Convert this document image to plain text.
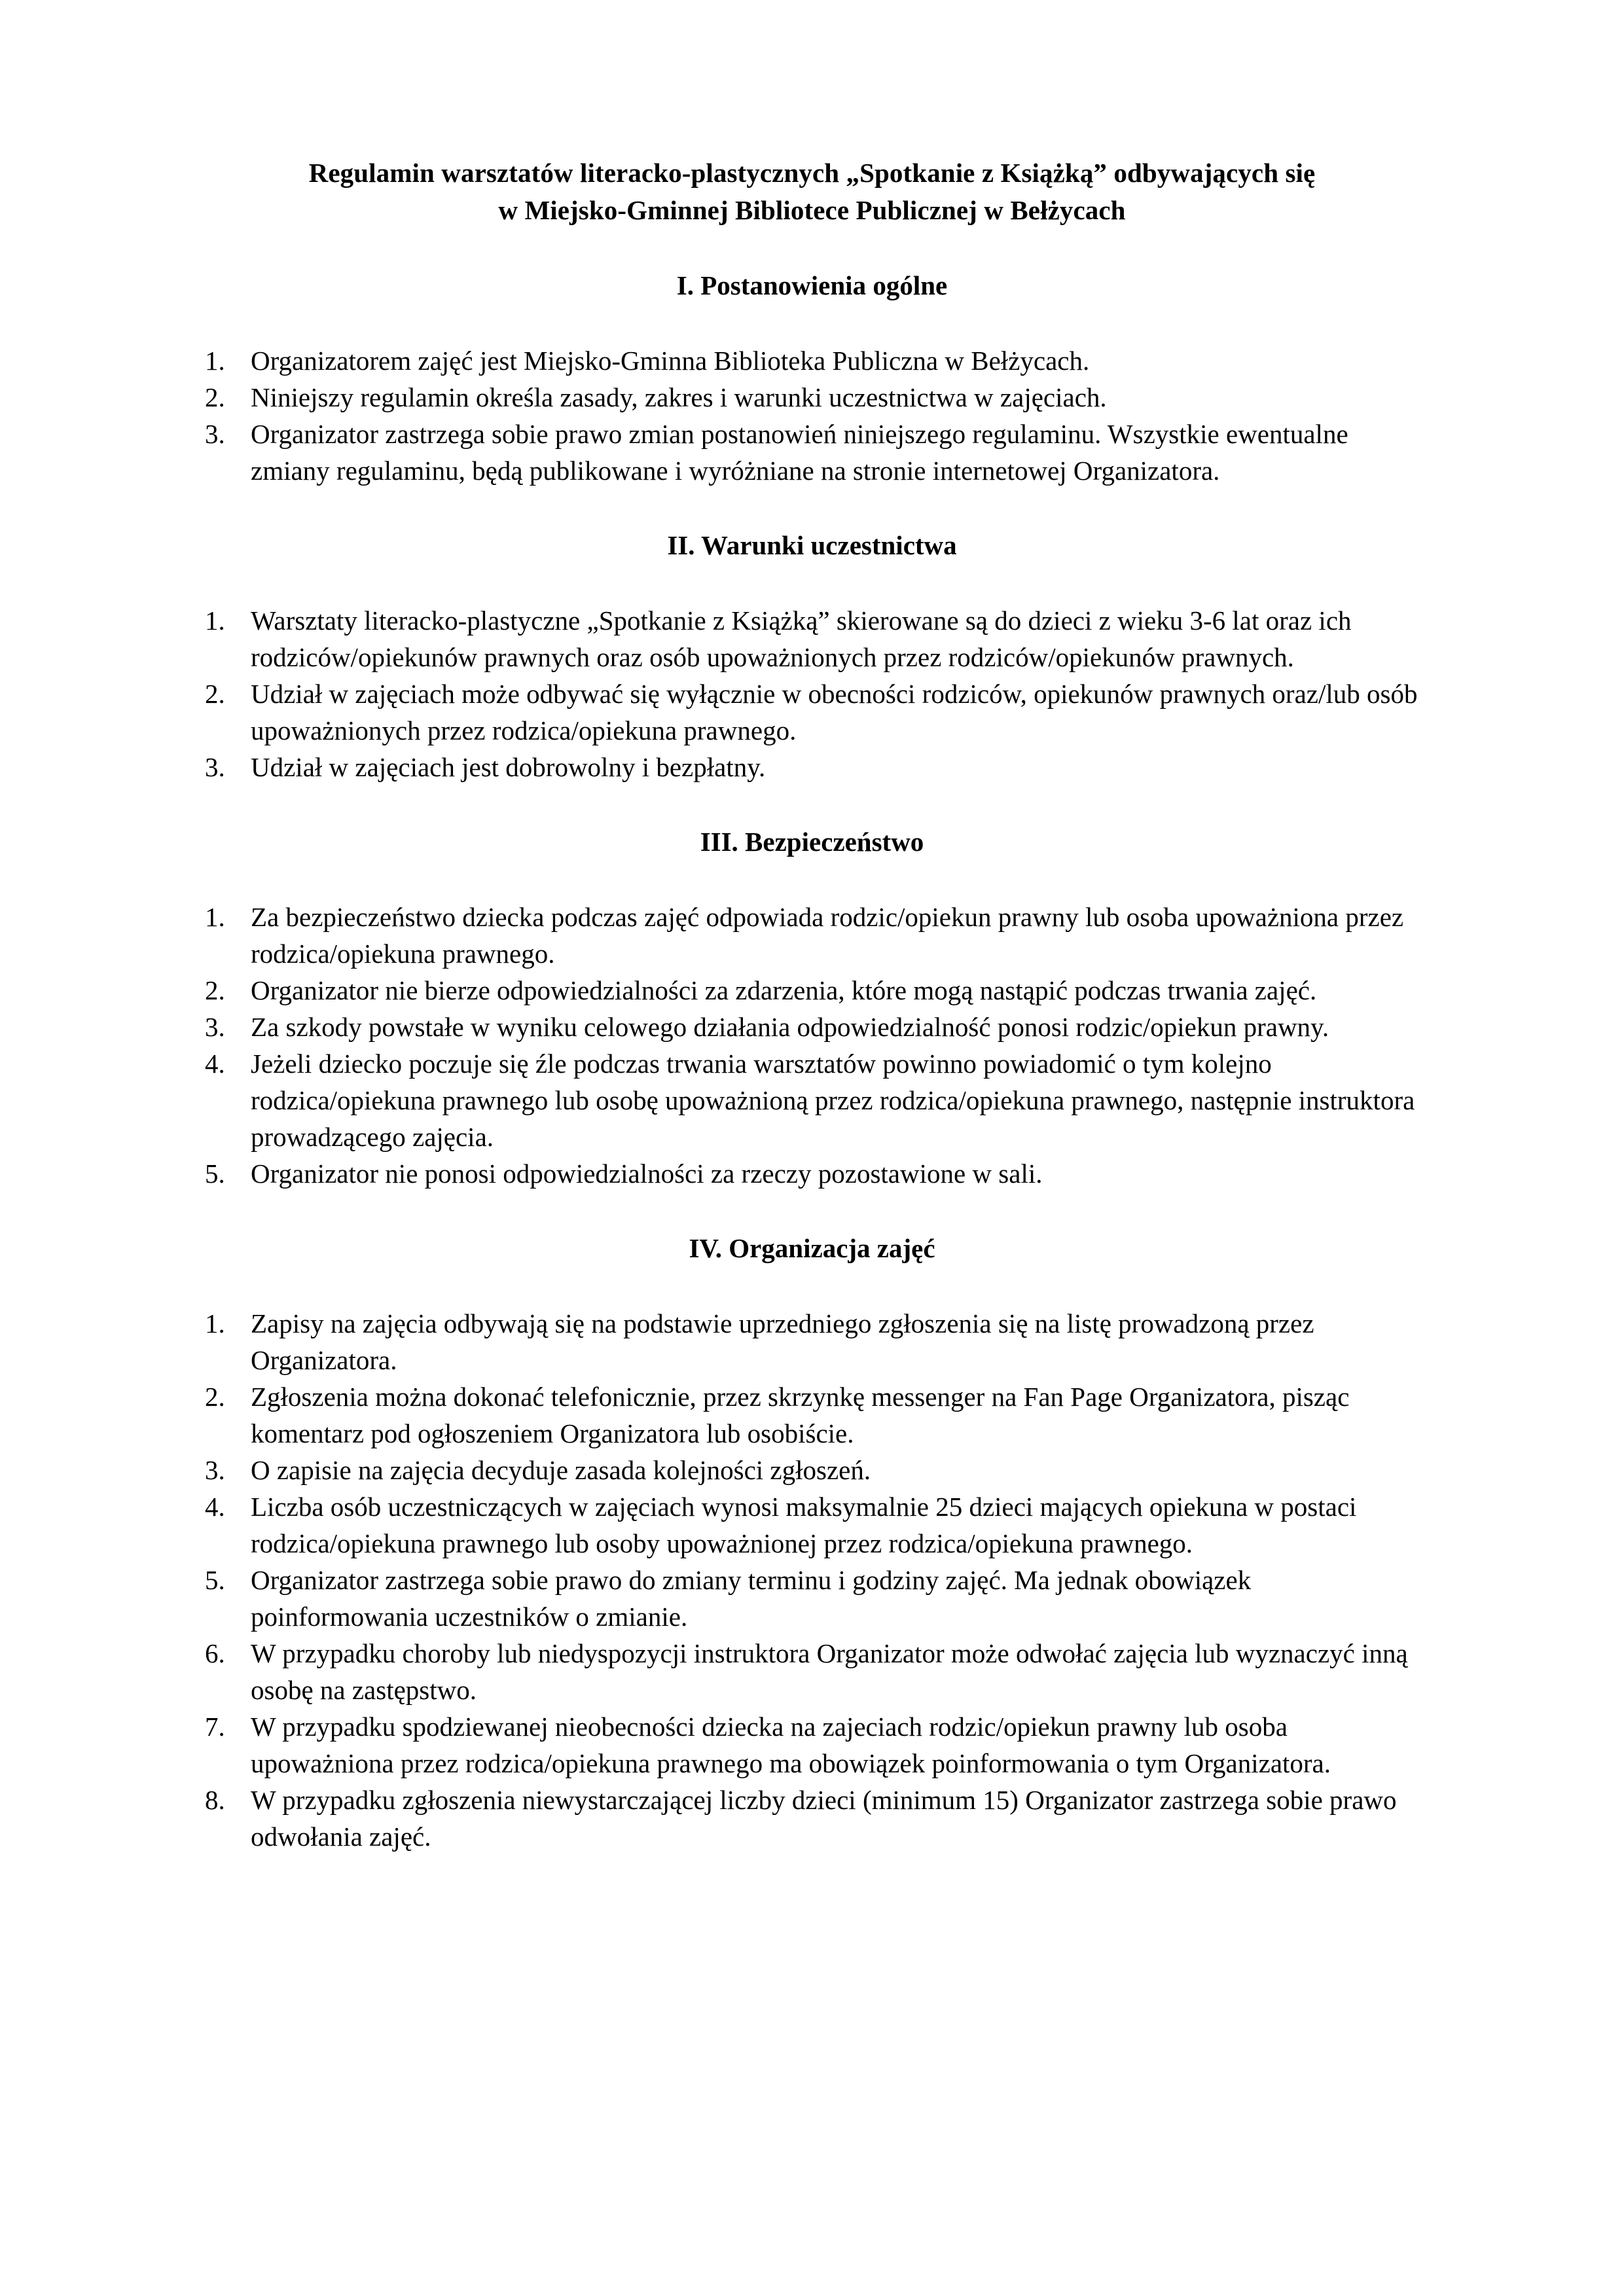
Regulamin warsztatów literacko-plastycznych „Spotkanie z Książką” odbywających się
w Miejsko-Gminnej Bibliotece Publicznej w Bełżycach
I. Postanowienia ogólne
1. Organizatorem zajęć jest Miejsko-Gminna Biblioteka Publiczna w Bełżycach.
2. Niniejszy regulamin określa zasady, zakres i warunki uczestnictwa w zajęciach.
3. Organizator zastrzega sobie prawo zmian postanowień niniejszego regulaminu. Wszystkie ewentualne zmiany regulaminu, będą publikowane i wyróżniane na stronie internetowej Organizatora.
II. Warunki uczestnictwa
1. Warsztaty literacko-plastyczne „Spotkanie z Książką” skierowane są do dzieci z wieku 3-6 lat oraz ich rodziców/opiekunów prawnych oraz osób upoważnionych przez rodziców/opiekunów prawnych.
2. Udział w zajęciach może odbywać się wyłącznie w obecności rodziców, opiekunów prawnych oraz/lub osób upoważnionych przez rodzica/opiekuna prawnego.
3. Udział w zajęciach jest dobrowolny i bezpłatny.
III. Bezpieczeństwo
1. Za bezpieczeństwo dziecka podczas zajęć odpowiada rodzic/opiekun prawny lub osoba upoważniona przez rodzica/opiekuna prawnego.
2. Organizator nie bierze odpowiedzialności za zdarzenia, które mogą nastąpić podczas trwania zajęć.
3. Za szkody powstałe w wyniku celowego działania odpowiedzialność ponosi rodzic/opiekun prawny.
4. Jeżeli dziecko poczuje się źle podczas trwania warsztatów powinno powiadomić o tym kolejno rodzica/opiekuna prawnego lub osobę upoważnioną przez rodzica/opiekuna prawnego, następnie instruktora prowadzącego zajęcia.
5. Organizator nie ponosi odpowiedzialności za rzeczy pozostawione w sali.
IV. Organizacja zajęć
1. Zapisy na zajęcia odbywają się na podstawie uprzedniego zgłoszenia się na listę prowadzoną przez Organizatora.
2. Zgłoszenia można dokonać telefonicznie, przez skrzynkę messenger na Fan Page Organizatora, pisząc komentarz pod ogłoszeniem Organizatora lub osobiście.
3. O zapisie na zajęcia decyduje zasada kolejności zgłoszeń.
4. Liczba osób uczestniczących w zajęciach wynosi maksymalnie 25 dzieci mających opiekuna w postaci rodzica/opiekuna prawnego lub osoby upoważnionej przez rodzica/opiekuna prawnego.
5. Organizator zastrzega sobie prawo do zmiany terminu i godziny zajęć. Ma jednak obowiązek poinformowania uczestników o zmianie.
6. W przypadku choroby lub niedyspozycji instruktora Organizator może odwołać zajęcia lub wyznaczyć inną osobę na zastępstwo.
7. W przypadku spodziewanej nieobecności dziecka na zajeciach rodzic/opiekun prawny lub osoba upoważniona przez rodzica/opiekuna prawnego ma obowiązek poinformowania o tym Organizatora.
8. W przypadku zgłoszenia niewystarczającej liczby dzieci (minimum 15) Organizator zastrzega sobie prawo odwołania zajęć.
